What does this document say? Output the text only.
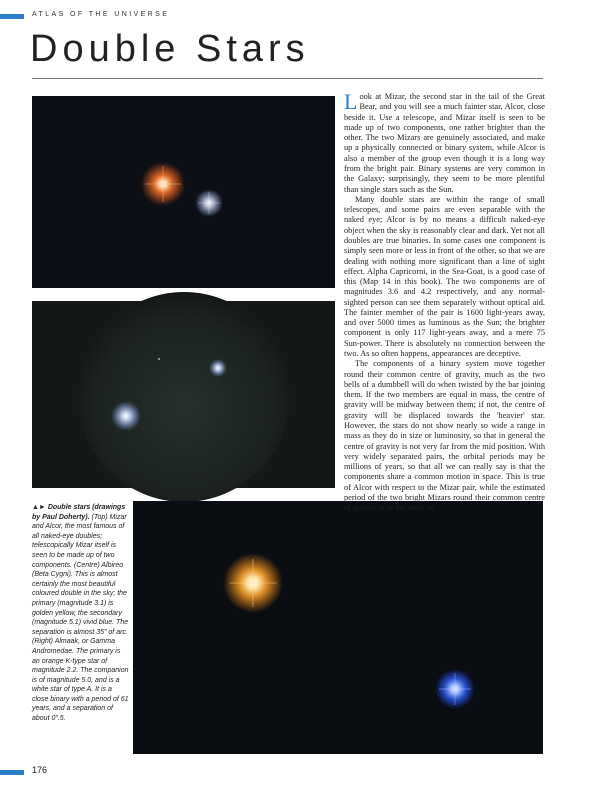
ATLAS OF THE UNIVERSE
Double Stars

Look at Mizar, the second star in the tail of the Great Bear, and you will see a much fainter star, Alcor, close beside it. Use a telescope, and Mizar itself is seen to be made up of two components, one rather brighter than the other. The two Mizars are genuinely associated, and make up a physically connected or binary system, while Alcor is also a member of the group even though it is a long way from the bright pair. Binary systems are very common in the Galaxy; surprisingly, they seem to be more plentiful than single stars such as the Sun.

Many double stars are within the range of small telescopes, and some pairs are even separable with the naked eye; Alcor is by no means a difficult naked-eye object when the sky is reasonably clear and dark. Yet not all doubles are true binaries. In some cases one component is simply seen more or less in front of the other, so that we are dealing with nothing more significant than a line of sight effect. Alpha Capricorni, in the Sea-Goat, is a good case of this (Map 14 in this book). The two components are of magnitudes 3.6 and 4.2 respectively, and any normal-sighted person can see them separately without optical aid. The fainter member of the pair is 1600 light-years away, and over 5000 times as luminous as the Sun; the brighter component is only 117 light-years away, and a mere 75 Sun-power. There is absolutely no connection between the two. As so often happens, appearances are deceptive.

The components of a binary system move together round their common centre of gravity, much as the two bells of a dumbbell will do when twisted by the bar joining them. If the two members are equal in mass, the centre of gravity will be midway between them; if not, the centre of gravity will be displaced towards the 'heavier' star. However, the stars do not show nearly so wide a range in mass as they do in size or luminosity, so that in general the centre of gravity is not very far from the mid position. With very widely separated pairs, the orbital periods may be millions of years, so that all we can really say is that the components share a common motion in space. This is true of Alcor with respect to the Mizar pair, while the estimated period of the two bright Mizars round their common centre of gravity is of the order of

▲► Double stars (drawings by Paul Doherty). (Top) Mizar and Alcor, the most famous of all naked-eye doubles; telescopically Mizar itself is seen to be made up of two components. (Centre) Albireo (Beta Cygni). This is almost certainly the most beautiful coloured double in the sky; the primary (magnitude 3.1) is golden yellow, the secondary (magnitude 5.1) vivid blue. The separation is almost 35" of arc. (Right) Almaak, or Gamma Andromedae. The primary is an orange K-type star of magnitude 2.2. The companion is of magnitude 5.0, and is a white star of type A. It is a close binary with a period of 61 years, and a separation of about 0".5.
176
